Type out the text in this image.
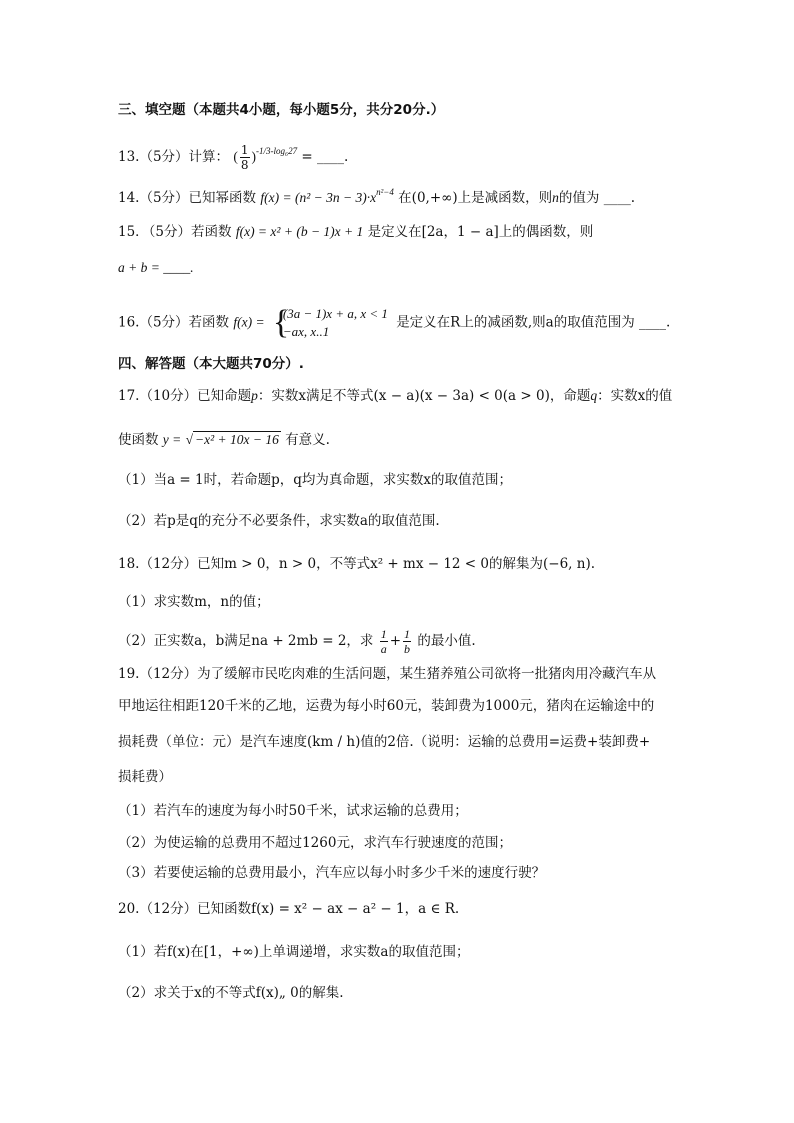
三、填空题（本题共4小题，每小题5分，共分20分.）
13.（5分）计算： ( $\frac{1}{8} )^{-1/3-log_627}$ = ____.
14.（5分）已知幂函数 $f(x) = (n^2 - 3n - 3)\cdot x^{n^2-4}$ 在(0,+∞)上是减函数，则n的值为 ____.
15．（5分）若函数 f(x) = x² + (b − 1)x + 1 是定义在[2a，1 − a]上的偶函数，则
a + b = ____.
16.（5分）若函数 f(x) = {
(3a − 1)x + a, x < 1
−ax, x..1
是定义在R上的减函数,则a的取值范围为 ____.
四、解答题（本大题共70分）.
17.（10分）已知命题p：实数x满足不等式(x − a)(x − 3a) < 0(a > 0)，命题q：实数x的值
使函数 y = √ −x² + 10x − 16 有意义.
（1）当a = 1时，若命题p，q均为真命题，求实数x的取值范围；
（2）若p是q的充分不必要条件，求实数a的取值范围.
18.（12分）已知m > 0，n > 0，不等式x² + mx − 12 < 0的解集为(−6, n).
（1）求实数m，n的值；
（2）正实数a，b满足na + 2mb = 2，求 $\frac{1}{a} + \frac{1}{b}$ 的最小值.
19.（12分）为了缓解市民吃肉难的生活问题，某生猪养殖公司欲将一批猪肉用冷藏汽车从
甲地运往相距120千米的乙地，运费为每小时60元，装卸费为1000元，猪肉在运输途中的
损耗费（单位：元）是汽车速度(km / h)值的2倍.（说明：运输的总费用=运费+装卸费+
损耗费）
（1）若汽车的速度为每小时50千米，试求运输的总费用；
（2）为使运输的总费用不超过1260元，求汽车行驶速度的范围；
（3）若要使运输的总费用最小，汽车应以每小时多少千米的速度行驶？
20.（12分）已知函数f(x) = x² − ax − a² − 1，a ∈ R.
（1）若f(x)在[1，+∞)上单调递增，求实数a的取值范围；
（2）求关于x的不等式f(x)„ 0的解集.
